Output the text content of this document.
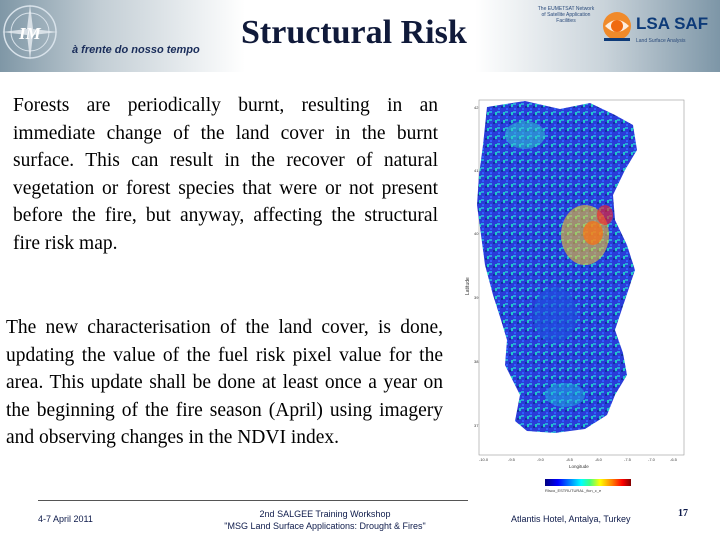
IM
à frente do nosso tempo Structural Risk
The EUMETSAT Network of Satellite Application Facilities	LSA SAF
Land Surface Analysis

Forests are periodically burnt, resulting in an immediate change of the land cover in the burnt surface. This can result in the recover of natural vegetation or forest species that were or not present before the fire, but anyway, affecting the structural fire risk map.

The new characterisation of the land cover, is done, updating the value of the fuel risk pixel value for the area. This update shall be done at least once a year on the beginning of the fire season (April) using imagery and observing changes in the NDVI index.

Latitude
42
41
40
39
38
37
-10.0	-9.5	-9.0	-8.5	-8.0	-7.5	-7.0	-6.5
Longitude
RIsco_ESTRUTURAL_ficn_c_e
4-7 April 2011	2nd SALGEE Training Workshop
"MSG Land Surface Applications: Drought & Fires"
Atlantis Hotel, Antalya, Turkey	17
